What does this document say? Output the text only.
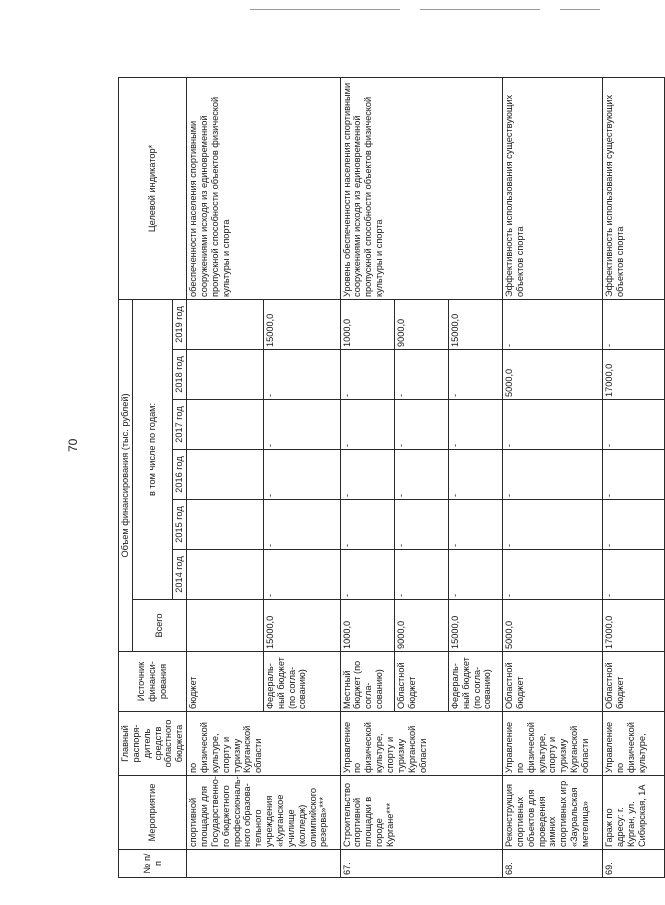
70
№ п/п	Мероприятие	Главный распоря-дитель средств областного бюджета	Источник финанси-рования	Объем финансирования (тыс. рублей)							Целевой индикатор*
				Всего	в том числе по годам:						
					2014 год	2015 год	2016 год	2017 год	2018 год	2019 год	
	спортивной площадки для Государственно-го бюджетного профессиональ-ного образова-тельного учреждения «Курганское училище (колледж) олимпийского резерва»***	по физической культуре, спорту и туризму Курганской области	бюджет								обеспеченности населения спортивными сооружениями исходя из единовременной пропускной способности объектов физической культуры и спорта
			Федераль-ный бюджет (по согла-сованию)	15000,0	-	-	-	-	-	15000,0	
67.	Строительство спортивной площадки в городе Кургане***	Управление по физической культуре, спорту и туризму Курганской области	Местный бюджет (по согла-сованию)	1000,0	-	-	-	-	-	1000,0	Уровень обеспеченности населения спортивными сооружениями исходя из единовременной пропускной способности объектов физической культуры и спорта
			Областной бюджет	9000,0	-	-	-	-	-	9000,0	
			Федераль-ный бюджет (по согла-сованию)	15000,0	-	-	-	-	-	15000,0	
68.	Реконструкция спортивных объектов для проведения зимних спортивных игр «Зауральская метелица»	Управление по физической культуре, спорту и туризму Курганской области	Областной бюджет	5000,0	-	-	-	-	5000,0	-	Эффективность использования существующих объектов спорта
69.	Гараж по адресу: г. Курган, ул. Сибирская, 1А	Управление по физической культуре,	Областной бюджет	17000,0	-	-	-	-	17000,0	-	Эффективность использования существующих объектов спорта
